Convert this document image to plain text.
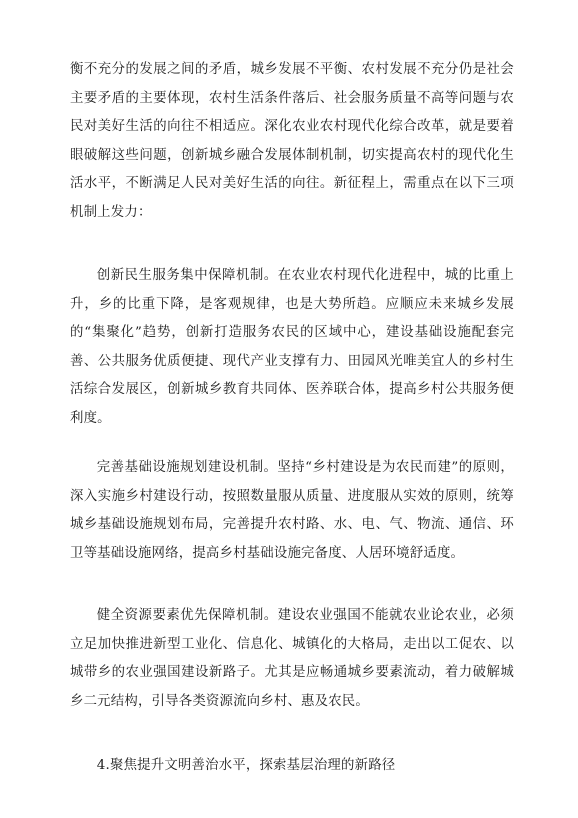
衡不充分的发展之间的矛盾，城乡发展不平衡、农村发展不充分仍是社会主要矛盾的主要体现，农村生活条件落后、社会服务质量不高等问题与农民对美好生活的向往不相适应。深化农业农村现代化综合改革，就是要着眼破解这些问题，创新城乡融合发展体制机制，切实提高农村的现代化生活水平，不断满足人民对美好生活的向往。新征程上，需重点在以下三项机制上发力：

创新民生服务集中保障机制。在农业农村现代化进程中，城的比重上升，乡的比重下降，是客观规律，也是大势所趋。应顺应未来城乡发展的“集聚化”趋势，创新打造服务农民的区域中心，建设基础设施配套完善、公共服务优质便捷、现代产业支撑有力、田园风光唯美宜人的乡村生活综合发展区，创新城乡教育共同体、医养联合体，提高乡村公共服务便利度。

完善基础设施规划建设机制。坚持“乡村建设是为农民而建”的原则，深入实施乡村建设行动，按照数量服从质量、进度服从实效的原则，统筹城乡基础设施规划布局，完善提升农村路、水、电、气、物流、通信、环卫等基础设施网络，提高乡村基础设施完备度、人居环境舒适度。

健全资源要素优先保障机制。建设农业强国不能就农业论农业，必须立足加快推进新型工业化、信息化、城镇化的大格局，走出以工促农、以城带乡的农业强国建设新路子。尤其是应畅通城乡要素流动，着力破解城乡二元结构，引导各类资源流向乡村、惠及农民。

4.聚焦提升文明善治水平，探索基层治理的新路径
